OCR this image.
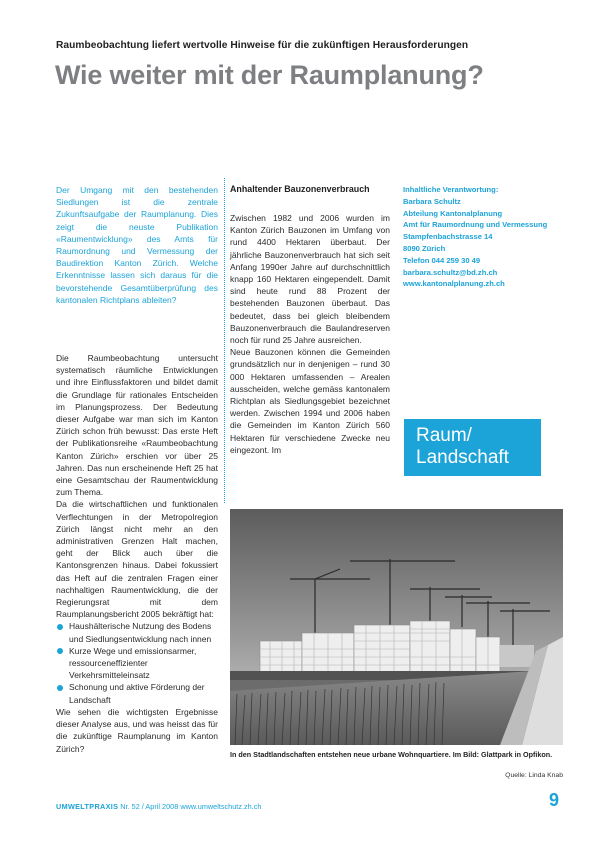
Raumbeobachtung liefert wertvolle Hinweise für die zukünftigen Herausforderungen
Wie weiter mit der Raumplanung?
Der Umgang mit den bestehenden Siedlungen ist die zentrale Zukunftsaufgabe der Raumplanung. Dies zeigt die neuste Publikation «Raumentwicklung» des Amts für Raumordnung und Vermessung der Baudirektion Kanton Zürich. Welche Erkenntnisse lassen sich daraus für die bevorstehende Gesamtüberprüfung des kantonalen Richtplans ableiten?

Die Raumbeobachtung untersucht systematisch räumliche Entwicklungen und ihre Einflussfaktoren und bildet damit die Grundlage für rationales Entscheiden im Planungsprozess. Der Bedeutung dieser Aufgabe war man sich im Kanton Zürich schon früh bewusst: Das erste Heft der Publikationsreihe «Raumbeobachtung Kanton Zürich» erschien vor über 25 Jahren. Das nun erscheinende Heft 25 hat eine Gesamtschau der Raumentwicklung zum Thema.

Da die wirtschaftlichen und funktionalen Verflechtungen in der Metropolregion Zürich längst nicht mehr an den administrativen Grenzen Halt machen, geht der Blick auch über die Kantonsgrenzen hinaus. Dabei fokussiert das Heft auf die zentralen Fragen einer nachhaltigen Raumentwicklung, die der Regierungsrat mit dem Raumplanungsbericht 2005 bekräftigt hat:

Haushälterische Nutzung des Bodens und Siedlungsentwicklung nach innen
Kurze Wege und emissionsarmer, ressourceneffizienter Verkehrsmitteleinsatz
Schonung und aktive Förderung der Landschaft

Wie sehen die wichtigsten Ergebnisse dieser Analyse aus, und was heisst das für die zukünftige Raumplanung im Kanton Zürich?

Anhaltender Bauzonenverbrauch

Zwischen 1982 und 2006 wurden im Kanton Zürich Bauzonen im Umfang von rund 4400 Hektaren überbaut. Der jährliche Bauzonenverbrauch hat sich seit Anfang 1990er Jahre auf durchschnittlich knapp 160 Hektaren eingependelt. Damit sind heute rund 88 Prozent der bestehenden Bauzonen überbaut. Das bedeutet, dass bei gleich bleibendem Bauzonenverbrauch die Baulandreserven noch für rund 25 Jahre ausreichen.

Neue Bauzonen können die Gemeinden grundsätzlich nur in denjenigen – rund 30 000 Hektaren umfassenden – Arealen ausscheiden, welche gemäss kantonalem Richtplan als Siedlungsgebiet bezeichnet werden. Zwischen 1994 und 2006 haben die Gemeinden im Kanton Zürich 560 Hektaren für verschiedene Zwecke neu eingezont. Im

Inhaltliche Verantwortung:
Barbara Schultz
Abteilung Kantonalplanung
Amt für Raumordnung und Vermessung
Stampfenbachstrasse 14
8090 Zürich
Telefon 044 259 30 49
barbara.schultz@bd.zh.ch
www.kantonalplanung.zh.ch
Raum/
Landschaft
In den Stadtlandschaften entstehen neue urbane Wohnquartiere. Im Bild: Glattpark in Opfikon.
Quelle: Linda Knab
UMWELTPRAXIS Nr. 52 / April 2008 www.umweltschutz.zh.ch	9
